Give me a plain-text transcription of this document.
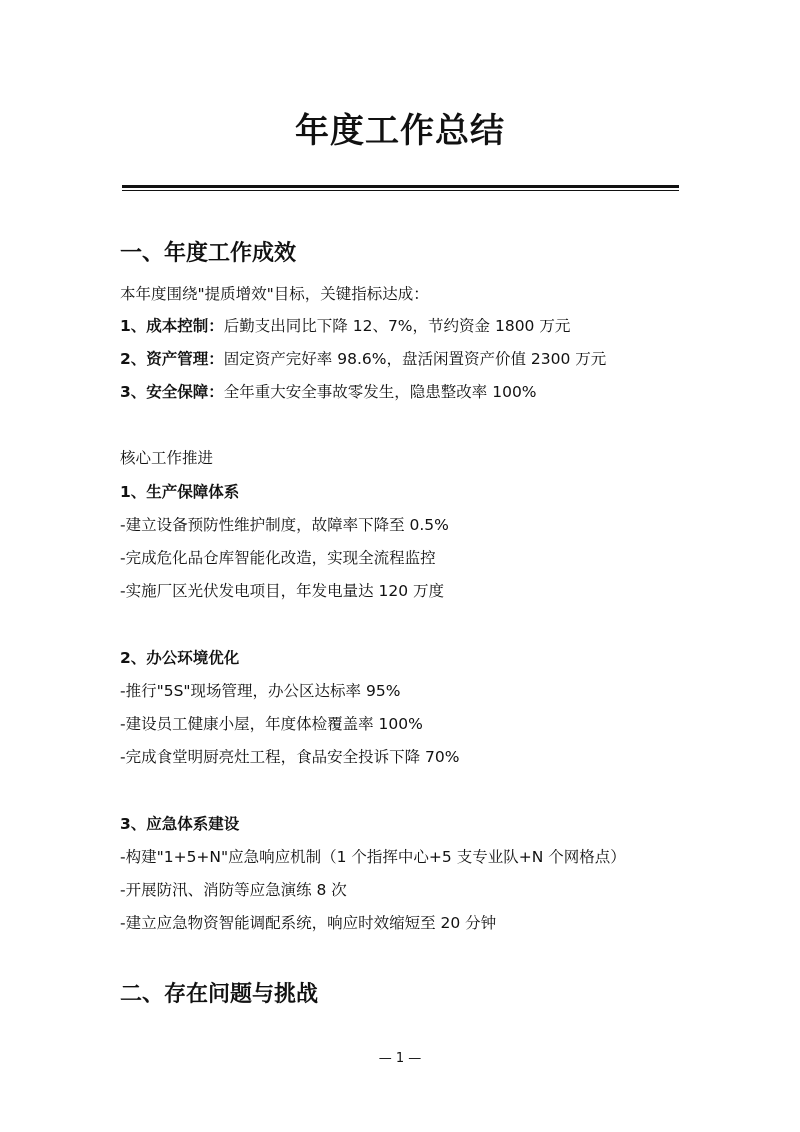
年度工作总结
一、年度工作成效
本年度围绕"提质增效"目标，关键指标达成：
1、成本控制：后勤支出同比下降 12、7%，节约资金 1800 万元
2、资产管理：固定资产完好率 98.6%，盘活闲置资产价值 2300 万元
3、安全保障：全年重大安全事故零发生，隐患整改率 100%
核心工作推进
1、生产保障体系
-建立设备预防性维护制度，故障率下降至 0.5%
-完成危化品仓库智能化改造，实现全流程监控
-实施厂区光伏发电项目，年发电量达 120 万度
2、办公环境优化
-推行"5S"现场管理，办公区达标率 95%
-建设员工健康小屋，年度体检覆盖率 100%
-完成食堂明厨亮灶工程，食品安全投诉下降 70%
3、应急体系建设
-构建"1+5+N"应急响应机制（1 个指挥中心+5 支专业队+N 个网格点）
-开展防汛、消防等应急演练 8 次
-建立应急物资智能调配系统，响应时效缩短至 20 分钟
二、存在问题与挑战
— 1 —
